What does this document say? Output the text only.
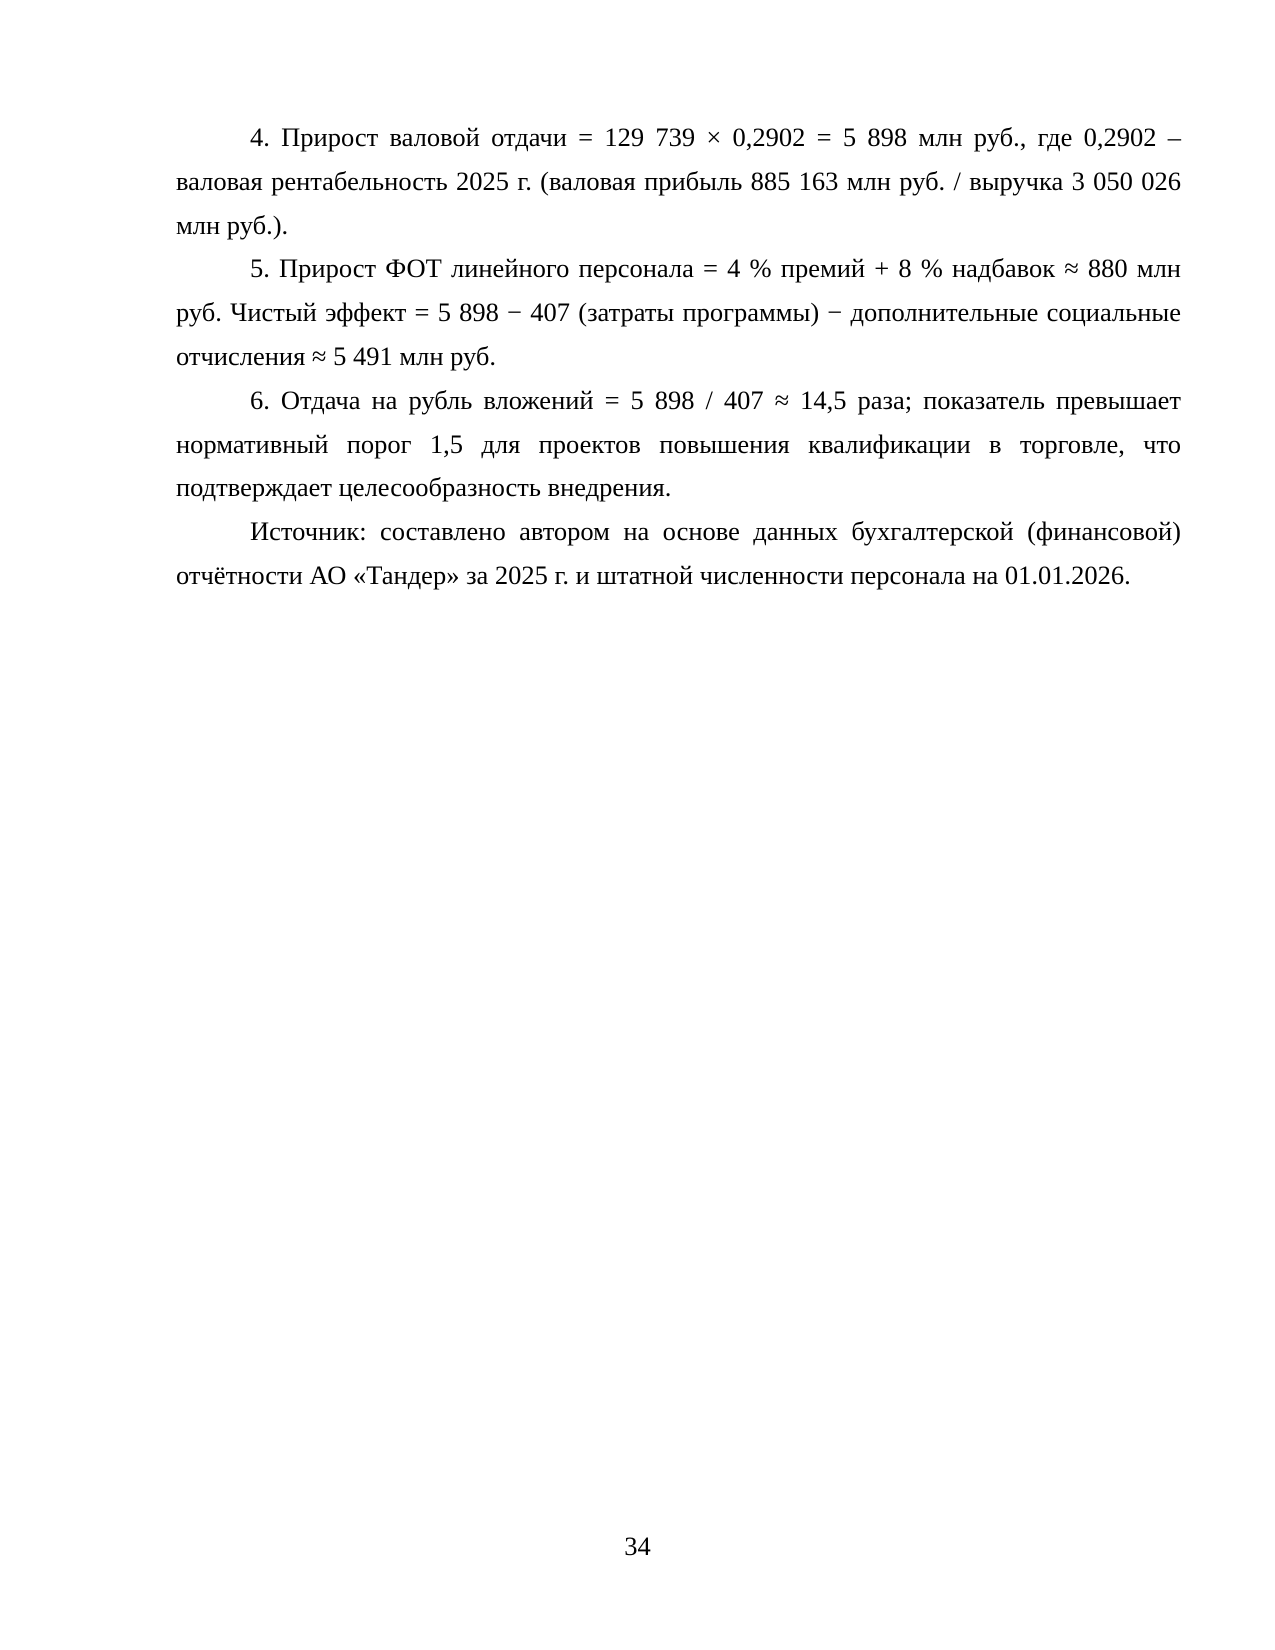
4. Прирост валовой отдачи = 129 739 × 0,2902 = 5 898 млн руб., где 0,2902 – валовая рентабельность 2025 г. (валовая прибыль 885 163 млн руб. / выручка 3 050 026 млн руб.).

5. Прирост ФОТ линейного персонала = 4 % премий + 8 % надбавок ≈ 880 млн руб. Чистый эффект = 5 898 − 407 (затраты программы) − дополнительные социальные отчисления ≈ 5 491 млн руб.

6. Отдача на рубль вложений = 5 898 / 407 ≈ 14,5 раза; показатель превышает нормативный порог 1,5 для проектов повышения квалификации в торговле, что подтверждает целесообразность внедрения.

Источник: составлено автором на основе данных бухгалтерской (финансовой) отчётности АО «Тандер» за 2025 г. и штатной численности персонала на 01.01.2026.

34
